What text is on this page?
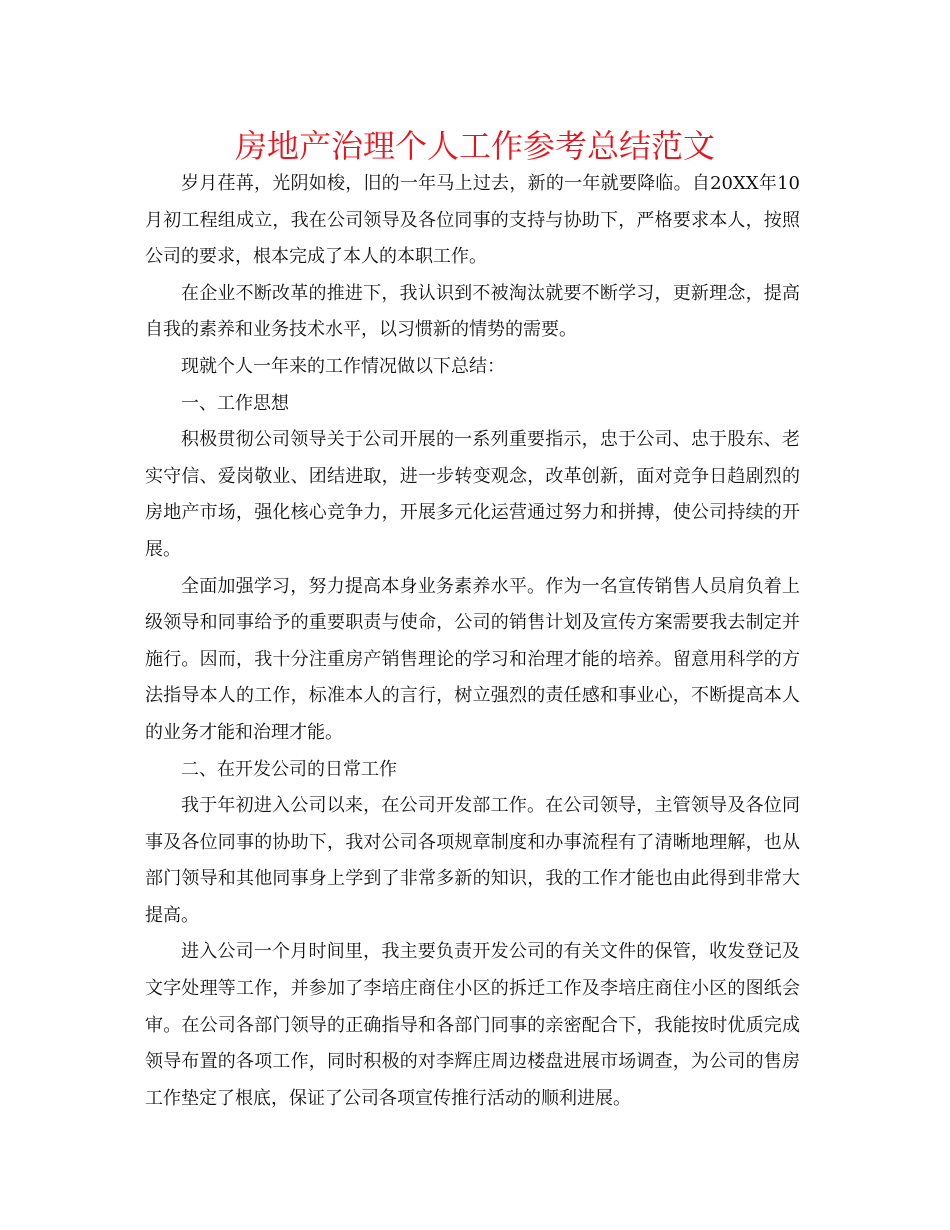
房地产治理个人工作参考总结范文

岁月荏苒，光阴如梭，旧的一年马上过去，新的一年就要降临。自20XX年10月初工程组成立，我在公司领导及各位同事的支持与协助下，严格要求本人，按照公司的要求，根本完成了本人的本职工作。

在企业不断改革的推进下，我认识到不被淘汰就要不断学习，更新理念，提高自我的素养和业务技术水平，以习惯新的情势的需要。

现就个人一年来的工作情况做以下总结：

一、工作思想

积极贯彻公司领导关于公司开展的一系列重要指示，忠于公司、忠于股东、老实守信、爱岗敬业、团结进取，进一步转变观念，改革创新，面对竞争日趋剧烈的房地产市场，强化核心竞争力，开展多元化运营通过努力和拼搏，使公司持续的开展。

全面加强学习，努力提高本身业务素养水平。作为一名宣传销售人员肩负着上级领导和同事给予的重要职责与使命，公司的销售计划及宣传方案需要我去制定并施行。因而，我十分注重房产销售理论的学习和治理才能的培养。留意用科学的方法指导本人的工作，标准本人的言行，树立强烈的责任感和事业心，不断提高本人的业务才能和治理才能。

二、在开发公司的日常工作

我于年初进入公司以来，在公司开发部工作。在公司领导，主管领导及各位同事及各位同事的协助下，我对公司各项规章制度和办事流程有了清晰地理解，也从部门领导和其他同事身上学到了非常多新的知识，我的工作才能也由此得到非常大提高。

进入公司一个月时间里，我主要负责开发公司的有关文件的保管，收发登记及文字处理等工作，并参加了李培庄商住小区的拆迁工作及李培庄商住小区的图纸会审。在公司各部门领导的正确指导和各部门同事的亲密配合下，我能按时优质完成领导布置的各项工作，同时积极的对李辉庄周边楼盘进展市场调查，为公司的售房工作垫定了根底，保证了公司各项宣传推行活动的顺利进展。
